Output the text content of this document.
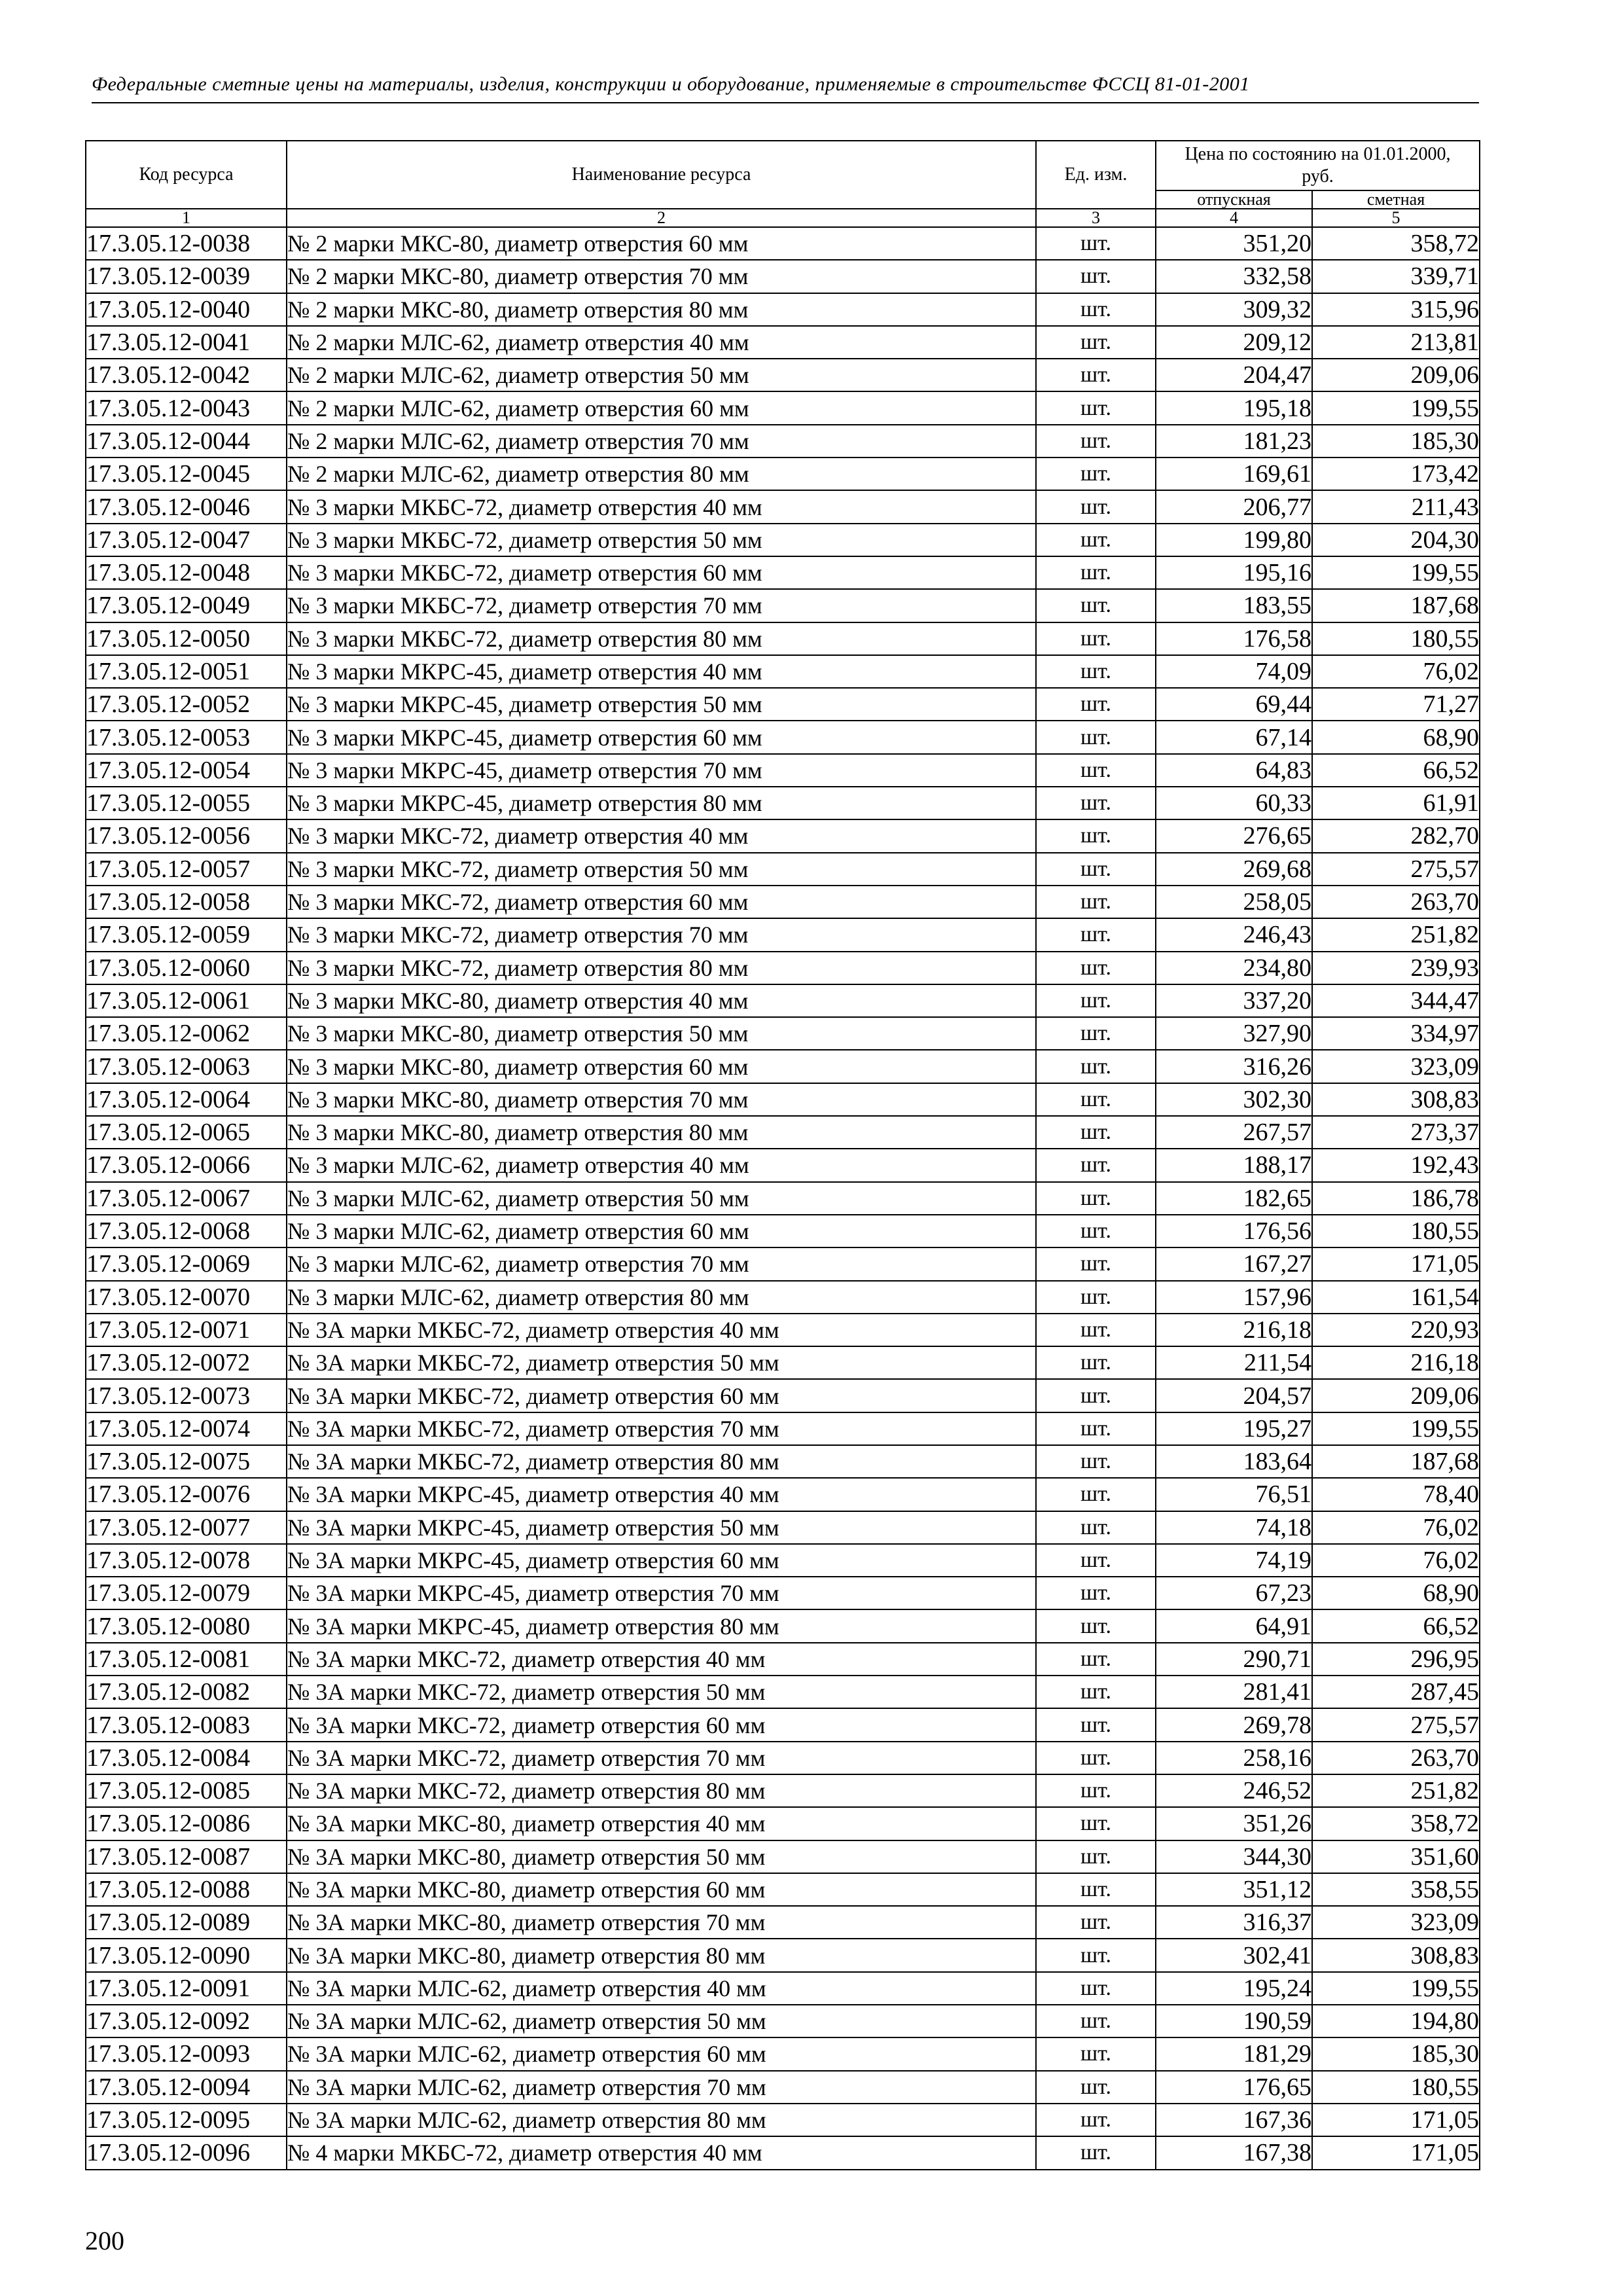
Федеральные сметные цены на материалы, изделия, конструкции и оборудование, применяемые в строительстве ФССЦ 81-01-2001
Код ресурса	Наименование ресурса	Ед. изм.	Цена по состоянию на 01.01.2000, руб.	
			отпускная	сметная
1	2	3	4	5
17.3.05.12-0038	№ 2 марки МКС-80, диаметр отверстия 60 мм	шт.	351,20	358,72
17.3.05.12-0039	№ 2 марки МКС-80, диаметр отверстия 70 мм	шт.	332,58	339,71
17.3.05.12-0040	№ 2 марки МКС-80, диаметр отверстия 80 мм	шт.	309,32	315,96
17.3.05.12-0041	№ 2 марки МЛС-62, диаметр отверстия 40 мм	шт.	209,12	213,81
17.3.05.12-0042	№ 2 марки МЛС-62, диаметр отверстия 50 мм	шт.	204,47	209,06
17.3.05.12-0043	№ 2 марки МЛС-62, диаметр отверстия 60 мм	шт.	195,18	199,55
17.3.05.12-0044	№ 2 марки МЛС-62, диаметр отверстия 70 мм	шт.	181,23	185,30
17.3.05.12-0045	№ 2 марки МЛС-62, диаметр отверстия 80 мм	шт.	169,61	173,42
17.3.05.12-0046	№ 3 марки МКБС-72, диаметр отверстия 40 мм	шт.	206,77	211,43
17.3.05.12-0047	№ 3 марки МКБС-72, диаметр отверстия 50 мм	шт.	199,80	204,30
17.3.05.12-0048	№ 3 марки МКБС-72, диаметр отверстия 60 мм	шт.	195,16	199,55
17.3.05.12-0049	№ 3 марки МКБС-72, диаметр отверстия 70 мм	шт.	183,55	187,68
17.3.05.12-0050	№ 3 марки МКБС-72, диаметр отверстия 80 мм	шт.	176,58	180,55
17.3.05.12-0051	№ 3 марки МКРС-45, диаметр отверстия 40 мм	шт.	74,09	76,02
17.3.05.12-0052	№ 3 марки МКРС-45, диаметр отверстия 50 мм	шт.	69,44	71,27
17.3.05.12-0053	№ 3 марки МКРС-45, диаметр отверстия 60 мм	шт.	67,14	68,90
17.3.05.12-0054	№ 3 марки МКРС-45, диаметр отверстия 70 мм	шт.	64,83	66,52
17.3.05.12-0055	№ 3 марки МКРС-45, диаметр отверстия 80 мм	шт.	60,33	61,91
17.3.05.12-0056	№ 3 марки МКС-72, диаметр отверстия 40 мм	шт.	276,65	282,70
17.3.05.12-0057	№ 3 марки МКС-72, диаметр отверстия 50 мм	шт.	269,68	275,57
17.3.05.12-0058	№ 3 марки МКС-72, диаметр отверстия 60 мм	шт.	258,05	263,70
17.3.05.12-0059	№ 3 марки МКС-72, диаметр отверстия 70 мм	шт.	246,43	251,82
17.3.05.12-0060	№ 3 марки МКС-72, диаметр отверстия 80 мм	шт.	234,80	239,93
17.3.05.12-0061	№ 3 марки МКС-80, диаметр отверстия 40 мм	шт.	337,20	344,47
17.3.05.12-0062	№ 3 марки МКС-80, диаметр отверстия 50 мм	шт.	327,90	334,97
17.3.05.12-0063	№ 3 марки МКС-80, диаметр отверстия 60 мм	шт.	316,26	323,09
17.3.05.12-0064	№ 3 марки МКС-80, диаметр отверстия 70 мм	шт.	302,30	308,83
17.3.05.12-0065	№ 3 марки МКС-80, диаметр отверстия 80 мм	шт.	267,57	273,37
17.3.05.12-0066	№ 3 марки МЛС-62, диаметр отверстия 40 мм	шт.	188,17	192,43
17.3.05.12-0067	№ 3 марки МЛС-62, диаметр отверстия 50 мм	шт.	182,65	186,78
17.3.05.12-0068	№ 3 марки МЛС-62, диаметр отверстия 60 мм	шт.	176,56	180,55
17.3.05.12-0069	№ 3 марки МЛС-62, диаметр отверстия 70 мм	шт.	167,27	171,05
17.3.05.12-0070	№ 3 марки МЛС-62, диаметр отверстия 80 мм	шт.	157,96	161,54
17.3.05.12-0071	№ 3А марки МКБС-72, диаметр отверстия 40 мм	шт.	216,18	220,93
17.3.05.12-0072	№ 3А марки МКБС-72, диаметр отверстия 50 мм	шт.	211,54	216,18
17.3.05.12-0073	№ 3А марки МКБС-72, диаметр отверстия 60 мм	шт.	204,57	209,06
17.3.05.12-0074	№ 3А марки МКБС-72, диаметр отверстия 70 мм	шт.	195,27	199,55
17.3.05.12-0075	№ 3А марки МКБС-72, диаметр отверстия 80 мм	шт.	183,64	187,68
17.3.05.12-0076	№ 3А марки МКРС-45, диаметр отверстия 40 мм	шт.	76,51	78,40
17.3.05.12-0077	№ 3А марки МКРС-45, диаметр отверстия 50 мм	шт.	74,18	76,02
17.3.05.12-0078	№ 3А марки МКРС-45, диаметр отверстия 60 мм	шт.	74,19	76,02
17.3.05.12-0079	№ 3А марки МКРС-45, диаметр отверстия 70 мм	шт.	67,23	68,90
17.3.05.12-0080	№ 3А марки МКРС-45, диаметр отверстия 80 мм	шт.	64,91	66,52
17.3.05.12-0081	№ 3А марки МКС-72, диаметр отверстия 40 мм	шт.	290,71	296,95
17.3.05.12-0082	№ 3А марки МКС-72, диаметр отверстия 50 мм	шт.	281,41	287,45
17.3.05.12-0083	№ 3А марки МКС-72, диаметр отверстия 60 мм	шт.	269,78	275,57
17.3.05.12-0084	№ 3А марки МКС-72, диаметр отверстия 70 мм	шт.	258,16	263,70
17.3.05.12-0085	№ 3А марки МКС-72, диаметр отверстия 80 мм	шт.	246,52	251,82
17.3.05.12-0086	№ 3А марки МКС-80, диаметр отверстия 40 мм	шт.	351,26	358,72
17.3.05.12-0087	№ 3А марки МКС-80, диаметр отверстия 50 мм	шт.	344,30	351,60
17.3.05.12-0088	№ 3А марки МКС-80, диаметр отверстия 60 мм	шт.	351,12	358,55
17.3.05.12-0089	№ 3А марки МКС-80, диаметр отверстия 70 мм	шт.	316,37	323,09
17.3.05.12-0090	№ 3А марки МКС-80, диаметр отверстия 80 мм	шт.	302,41	308,83
17.3.05.12-0091	№ 3А марки МЛС-62, диаметр отверстия 40 мм	шт.	195,24	199,55
17.3.05.12-0092	№ 3А марки МЛС-62, диаметр отверстия 50 мм	шт.	190,59	194,80
17.3.05.12-0093	№ 3А марки МЛС-62, диаметр отверстия 60 мм	шт.	181,29	185,30
17.3.05.12-0094	№ 3А марки МЛС-62, диаметр отверстия 70 мм	шт.	176,65	180,55
17.3.05.12-0095	№ 3А марки МЛС-62, диаметр отверстия 80 мм	шт.	167,36	171,05
17.3.05.12-0096	№ 4 марки МКБС-72, диаметр отверстия 40 мм	шт.	167,38	171,05
200
